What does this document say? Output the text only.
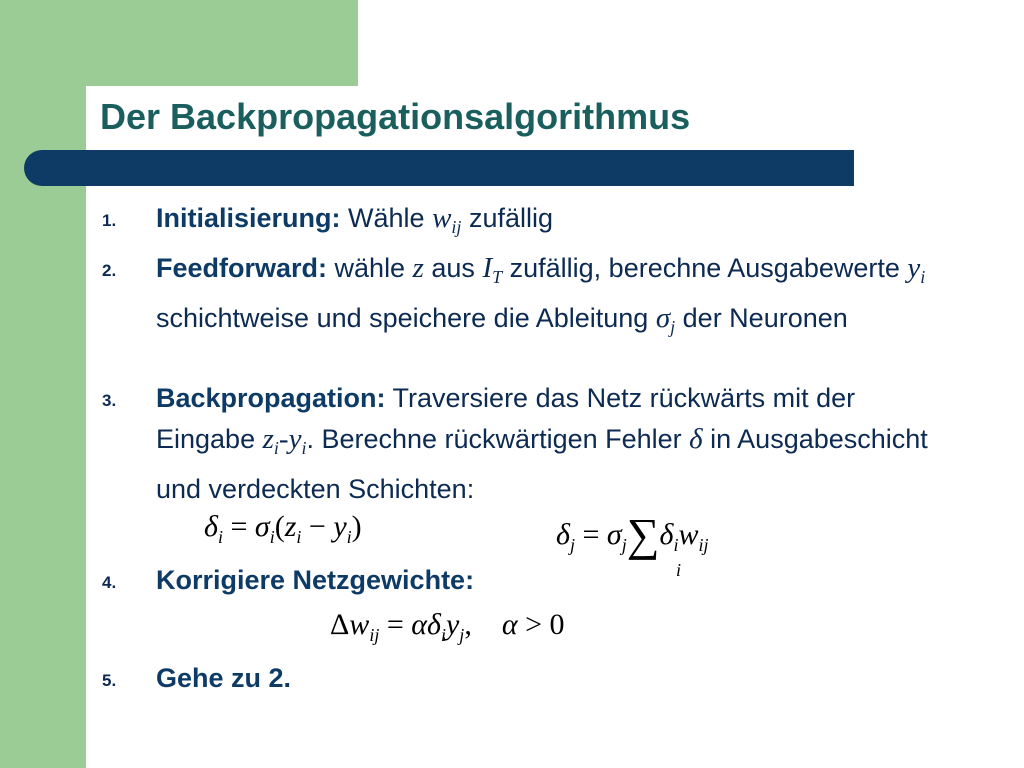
Der Backpropagationsalgorithmus
1.	Initialisierung: Wähle $w_{ij}$ zufällig
2.	Feedforward: wähle z aus $I_T$ zufällig, berechne Ausgabewerte $y_i$ schichtweise und speichere die Ableitung $\sigma_j$ der Neuronen
3.	Backpropagation: Traversiere das Netz rückwärts mit der Eingabe $z_i-y_i$. Berechne rückwärtigen Fehler δ in Ausgabeschicht und verdeckten Schichten:
$\delta_i = \sigma_i(z_i - y_i)$	$\delta_j = \sigma_j\sum\delta_iw_{ij}$
i
4.	Korrigiere Netzgewichte:
$\Delta w_{ij} = \alpha\delta_iy_j$, α > 0
5.	Gehe zu 2.
